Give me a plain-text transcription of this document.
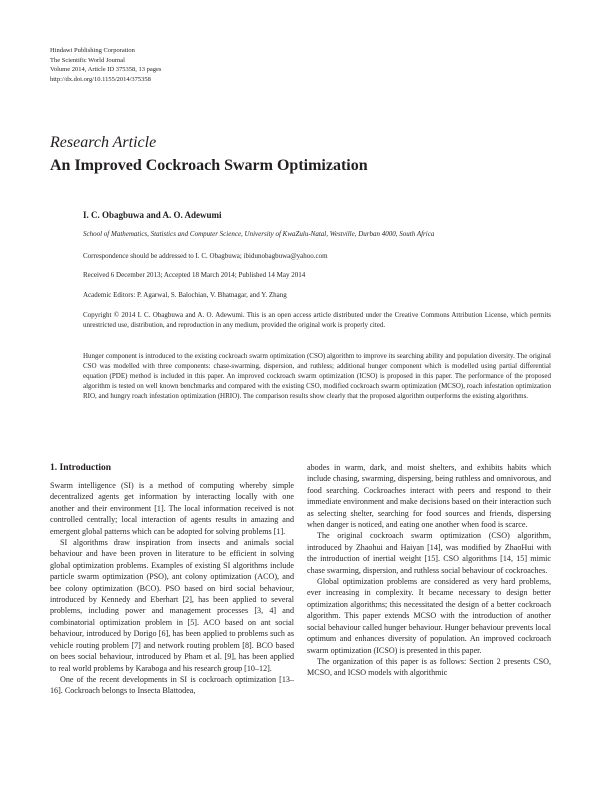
Hindawi Publishing Corporation
The Scientific World Journal
Volume 2014, Article ID 375358, 13 pages
http://dx.doi.org/10.1155/2014/375358
Research Article
An Improved Cockroach Swarm Optimization
I. C. Obagbuwa and A. O. Adewumi
School of Mathematics, Statistics and Computer Science, University of KwaZulu-Natal, Westville, Durban 4000, South Africa
Correspondence should be addressed to I. C. Obagbuwa; ibidunobagbuwa@yahoo.com
Received 6 December 2013; Accepted 18 March 2014; Published 14 May 2014
Academic Editors: P. Agarwal, S. Balochian, V. Bhatnagar, and Y. Zhang
Copyright © 2014 I. C. Obagbuwa and A. O. Adewumi. This is an open access article distributed under the Creative Commons Attribution License, which permits unrestricted use, distribution, and reproduction in any medium, provided the original work is properly cited.
Hunger component is introduced to the existing cockroach swarm optimization (CSO) algorithm to improve its searching ability and population diversity. The original CSO was modelled with three components: chase-swarming, dispersion, and ruthless; additional hunger component which is modelled using partial differential equation (PDE) method is included in this paper. An improved cockroach swarm optimization (ICSO) is proposed in this paper. The performance of the proposed algorithm is tested on well known benchmarks and compared with the existing CSO, modified cockroach swarm optimization (MCSO), roach infestation optimization RIO, and hungry roach infestation optimization (HRIO). The comparison results show clearly that the proposed algorithm outperforms the existing algorithms.
1. Introduction

Swarm intelligence (SI) is a method of computing whereby simple decentralized agents get information by interacting locally with one another and their environment [1]. The local information received is not controlled centrally; local interaction of agents results in amazing and emergent global patterns which can be adopted for solving problems [1].

SI algorithms draw inspiration from insects and animals social behaviour and have been proven in literature to be efficient in solving global optimization problems. Examples of existing SI algorithms include particle swarm optimization (PSO), ant colony optimization (ACO), and bee colony optimization (BCO). PSO based on bird social behaviour, introduced by Kennedy and Eberhart [2], has been applied to several problems, including power and management processes [3, 4] and combinatorial optimization problem in [5]. ACO based on ant social behaviour, introduced by Dorigo [6], has been applied to problems such as vehicle routing problem [7] and network routing problem [8]. BCO based on bees social behaviour, introduced by Pham et al. [9], has been applied to real world problems by Karaboga and his research group [10–12].

One of the recent developments in SI is cockroach optimization [13–16]. Cockroach belongs to Insecta Blattodea,

abodes in warm, dark, and moist shelters, and exhibits habits which include chasing, swarming, dispersing, being ruthless and omnivorous, and food searching. Cockroaches interact with peers and respond to their immediate environment and make decisions based on their interaction such as selecting shelter, searching for food sources and friends, dispersing when danger is noticed, and eating one another when food is scarce.

The original cockroach swarm optimization (CSO) algorithm, introduced by Zhaohui and Haiyan [14], was modified by ZhaoHui with the introduction of inertial weight [15]. CSO algorithms [14, 15] mimic chase swarming, dispersion, and ruthless social behaviour of cockroaches.

Global optimization problems are considered as very hard problems, ever increasing in complexity. It became necessary to design better optimization algorithms; this necessitated the design of a better cockroach algorithm. This paper extends MCSO with the introduction of another social behaviour called hunger behaviour. Hunger behaviour prevents local optimum and enhances diversity of population. An improved cockroach swarm optimization (ICSO) is presented in this paper.

The organization of this paper is as follows: Section 2 presents CSO, MCSO, and ICSO models with algorithmic
